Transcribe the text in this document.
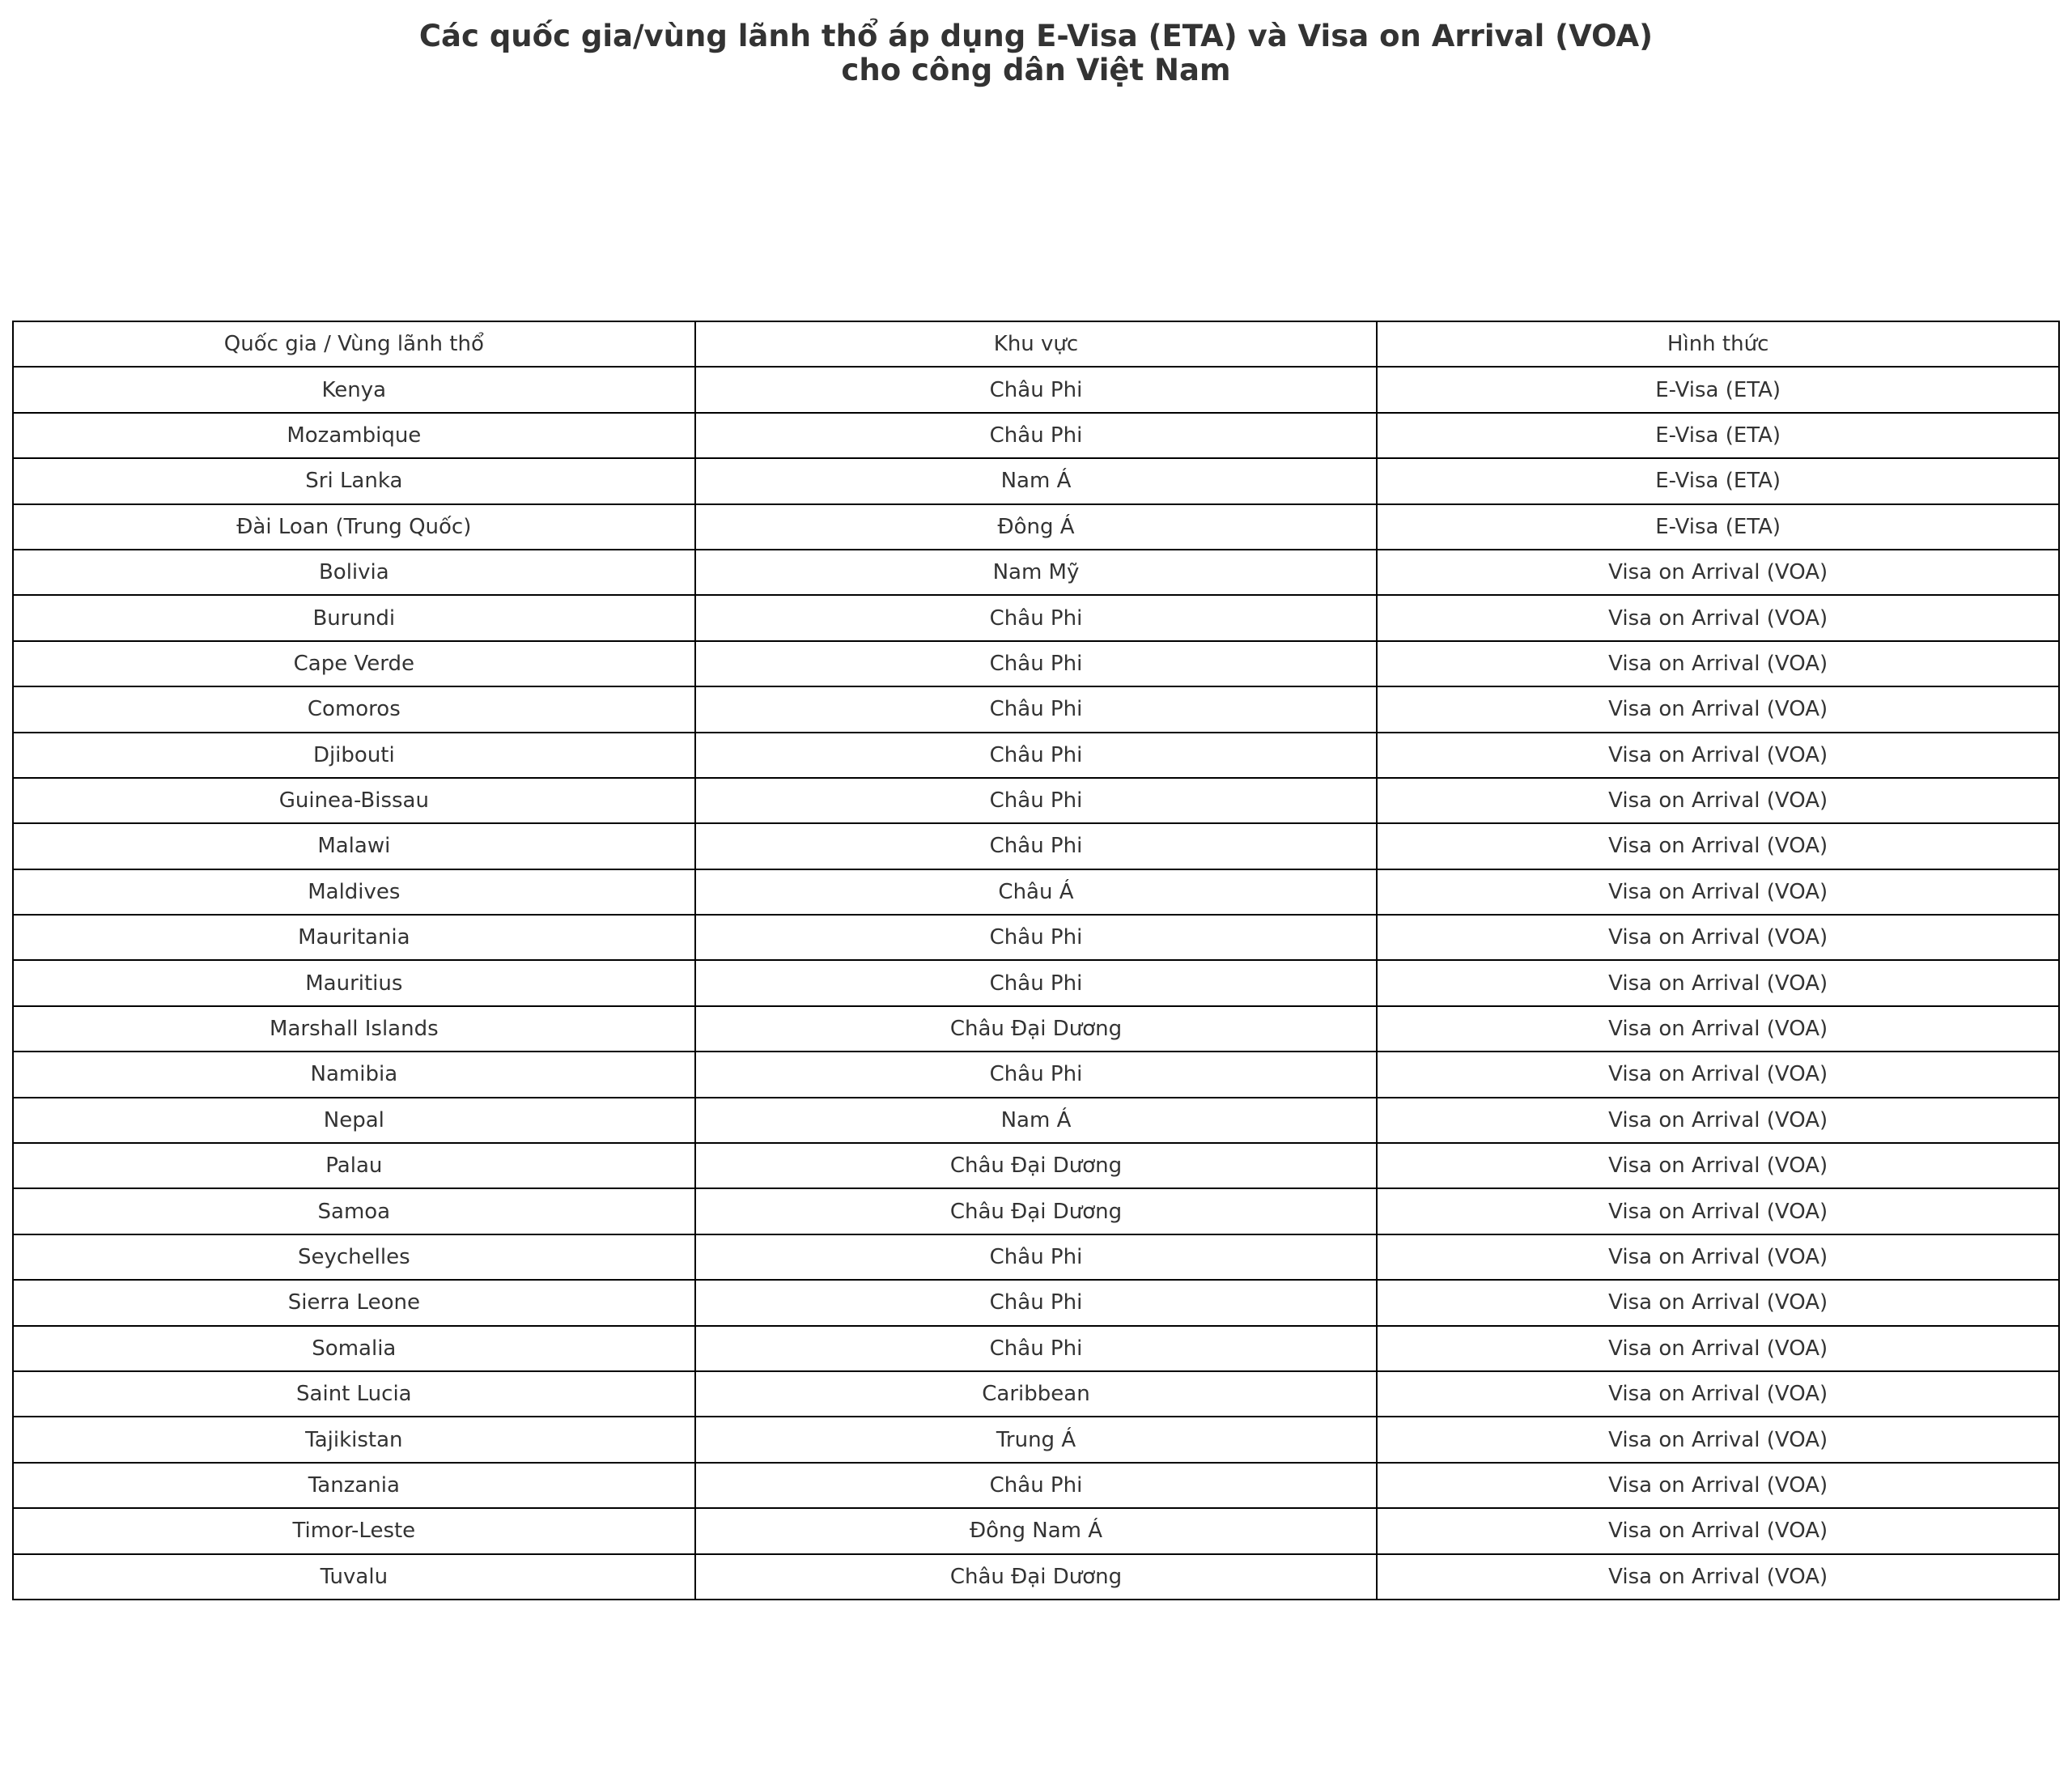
Các quốc gia/vùng lãnh thổ áp dụng E-Visa (ETA) và Visa on Arrival (VOA)
cho công dân Việt Nam
Quốc gia / Vùng lãnh thổ	Khu vực	Hình thức
Kenya	Châu Phi	E-Visa (ETA)
Mozambique	Châu Phi	E-Visa (ETA)
Sri Lanka	Nam Á	E-Visa (ETA)
Đài Loan (Trung Quốc)	Đông Á	E-Visa (ETA)
Bolivia	Nam Mỹ	Visa on Arrival (VOA)
Burundi	Châu Phi	Visa on Arrival (VOA)
Cape Verde	Châu Phi	Visa on Arrival (VOA)
Comoros	Châu Phi	Visa on Arrival (VOA)
Djibouti	Châu Phi	Visa on Arrival (VOA)
Guinea-Bissau	Châu Phi	Visa on Arrival (VOA)
Malawi	Châu Phi	Visa on Arrival (VOA)
Maldives	Châu Á	Visa on Arrival (VOA)
Mauritania	Châu Phi	Visa on Arrival (VOA)
Mauritius	Châu Phi	Visa on Arrival (VOA)
Marshall Islands	Châu Đại Dương	Visa on Arrival (VOA)
Namibia	Châu Phi	Visa on Arrival (VOA)
Nepal	Nam Á	Visa on Arrival (VOA)
Palau	Châu Đại Dương	Visa on Arrival (VOA)
Samoa	Châu Đại Dương	Visa on Arrival (VOA)
Seychelles	Châu Phi	Visa on Arrival (VOA)
Sierra Leone	Châu Phi	Visa on Arrival (VOA)
Somalia	Châu Phi	Visa on Arrival (VOA)
Saint Lucia	Caribbean	Visa on Arrival (VOA)
Tajikistan	Trung Á	Visa on Arrival (VOA)
Tanzania	Châu Phi	Visa on Arrival (VOA)
Timor-Leste	Đông Nam Á	Visa on Arrival (VOA)
Tuvalu	Châu Đại Dương	Visa on Arrival (VOA)
